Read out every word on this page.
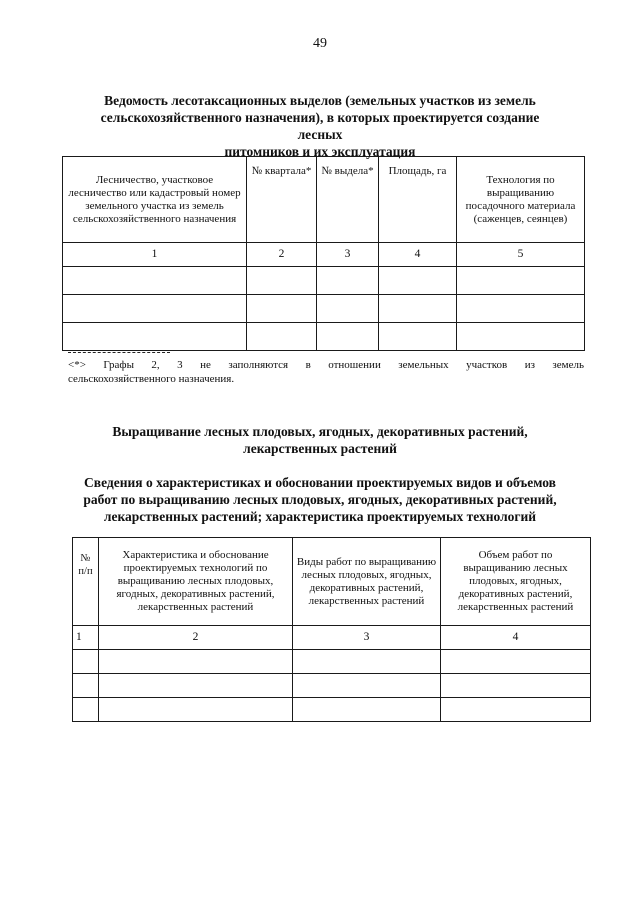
49
Ведомость лесотаксационных выделов (земельных участков из земель
сельскохозяйственного назначения), в которых проектируется создание лесных
питомников и их эксплуатация
Лесничество, участковое лесничество или кадастровый номер земельного участка из земель сельскохозяйственного назначения	№ квартала*	№ выдела*	Площадь, га	Технология по выращиванию посадочного материала (саженцев, сеянцев)
1	2	3	4	5

<*> Графы 2, 3 не заполняются в отношении земельных участков из земель
сельскохозяйственного назначения.

Выращивание лесных плодовых, ягодных, декоративных растений,
лекарственных растений
Сведения о характеристиках и обосновании проектируемых видов и объемов
работ по выращиванию лесных плодовых, ягодных, декоративных растений,
лекарственных растений; характеристика проектируемых технологий
№ п/п	Характеристика и обоснование проектируемых технологий по выращиванию лесных плодовых, ягодных, декоративных растений, лекарственных растений	Виды работ по выращиванию лесных плодовых, ягодных, декоративных растений, лекарственных растений	Объем работ по выращиванию лесных плодовых, ягодных, декоративных растений, лекарственных растений
1	2	3	4
